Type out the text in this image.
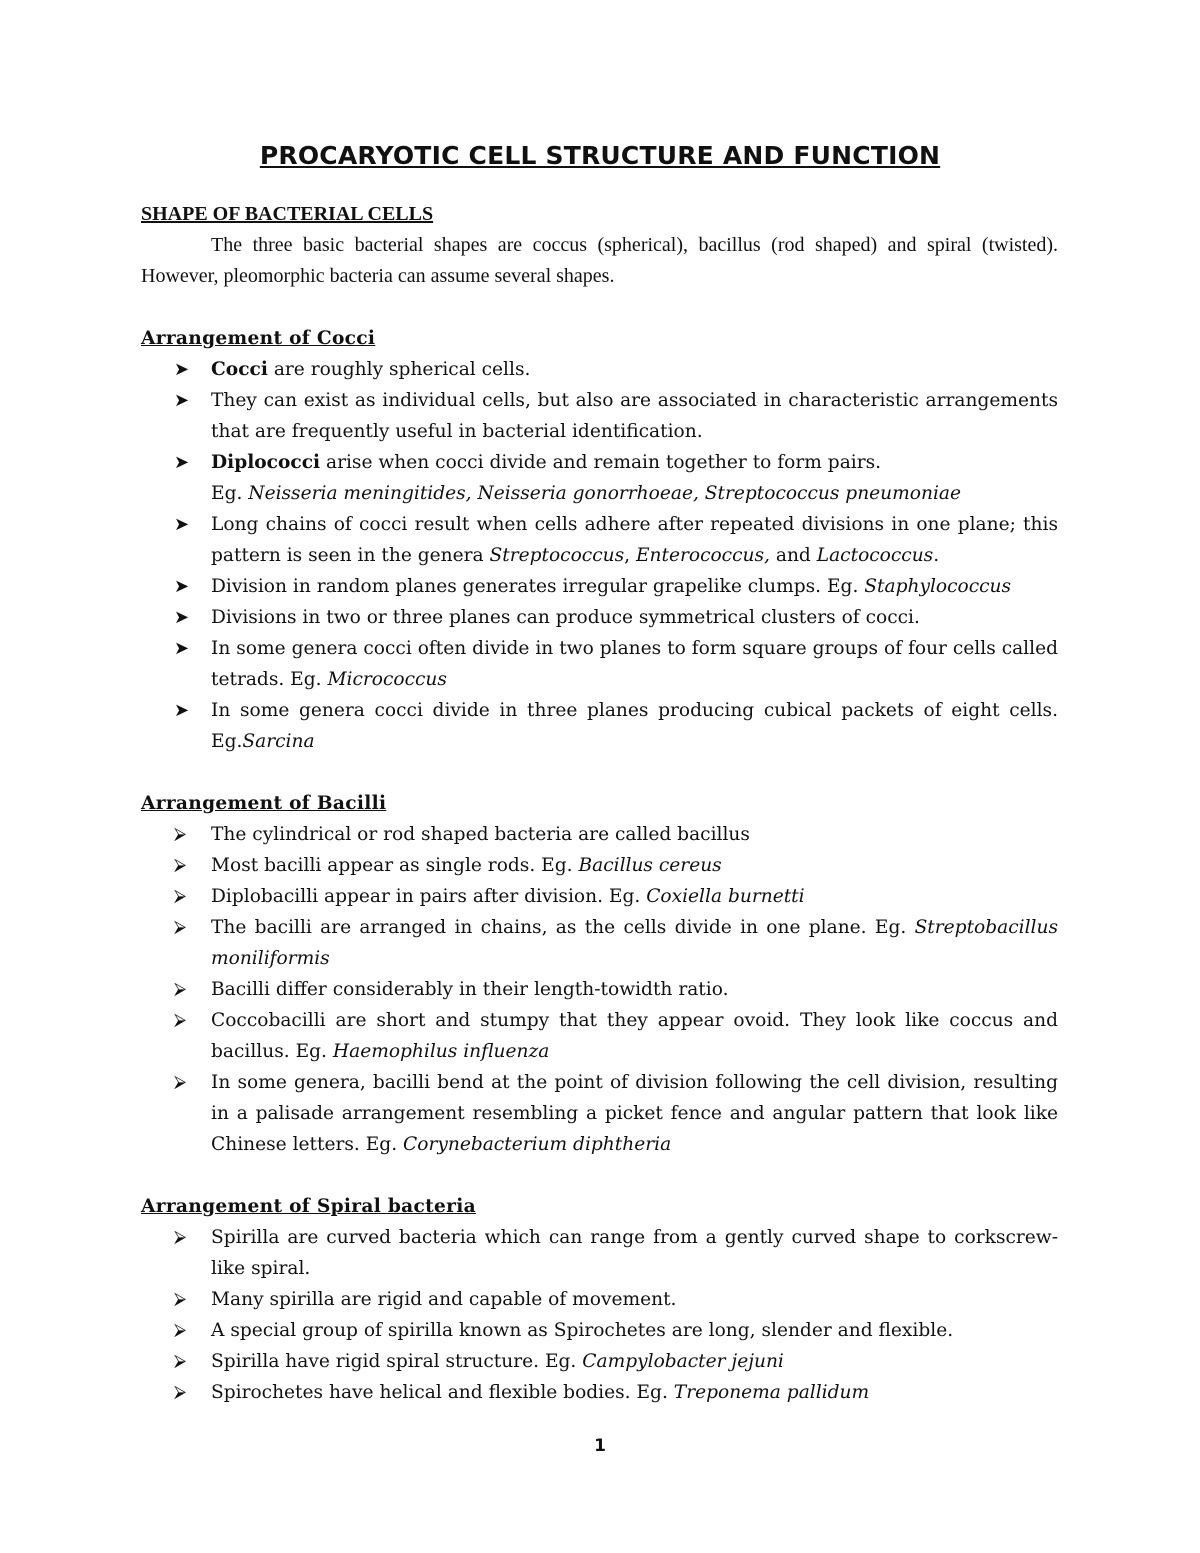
PROCARYOTIC CELL STRUCTURE AND FUNCTION

SHAPE OF BACTERIAL CELLS

The three basic bacterial shapes are coccus (spherical), bacillus (rod shaped) and spiral (twisted). However, pleomorphic bacteria can assume several shapes.

Arrangement of Cocci

➤ Cocci are roughly spherical cells.
➤ They can exist as individual cells, but also are associated in characteristic arrangements that are frequently useful in bacterial identification.
➤ Diplococci arise when cocci divide and remain together to form pairs.
Eg. Neisseria meningitides, Neisseria gonorrhoeae, Streptococcus pneumoniae
➤ Long chains of cocci result when cells adhere after repeated divisions in one plane; this pattern is seen in the genera Streptococcus, Enterococcus, and Lactococcus.
➤ Division in random planes generates irregular grapelike clumps. Eg. Staphylococcus
➤ Divisions in two or three planes can produce symmetrical clusters of cocci.
➤ In some genera cocci often divide in two planes to form square groups of four cells called tetrads. Eg. Micrococcus
➤ In some genera cocci divide in three planes producing cubical packets of eight cells. Eg.Sarcina

Arrangement of Bacilli

⮚	The cylindrical or rod shaped bacteria are called bacillus
⮚	Most bacilli appear as single rods. Eg. Bacillus cereus
⮚	Diplobacilli appear in pairs after division. Eg. Coxiella burnetti
⮚	The bacilli are arranged in chains, as the cells divide in one plane. Eg. Streptobacillus moniliformis
⮚	Bacilli differ considerably in their length-towidth ratio.
⮚	Coccobacilli are short and stumpy that they appear ovoid. They look like coccus and bacillus. Eg. Haemophilus influenza
⮚	In some genera, bacilli bend at the point of division following the cell division, resulting in a palisade arrangement resembling a picket fence and angular pattern that look like Chinese letters. Eg. Corynebacterium diphtheria

Arrangement of Spiral bacteria

⮚	Spirilla are curved bacteria which can range from a gently curved shape to corkscrew-like spiral.
⮚	Many spirilla are rigid and capable of movement.
⮚	A special group of spirilla known as Spirochetes are long, slender and flexible.
⮚	Spirilla have rigid spiral structure. Eg. Campylobacter jejuni
⮚	Spirochetes have helical and flexible bodies. Eg. Treponema pallidum
1
